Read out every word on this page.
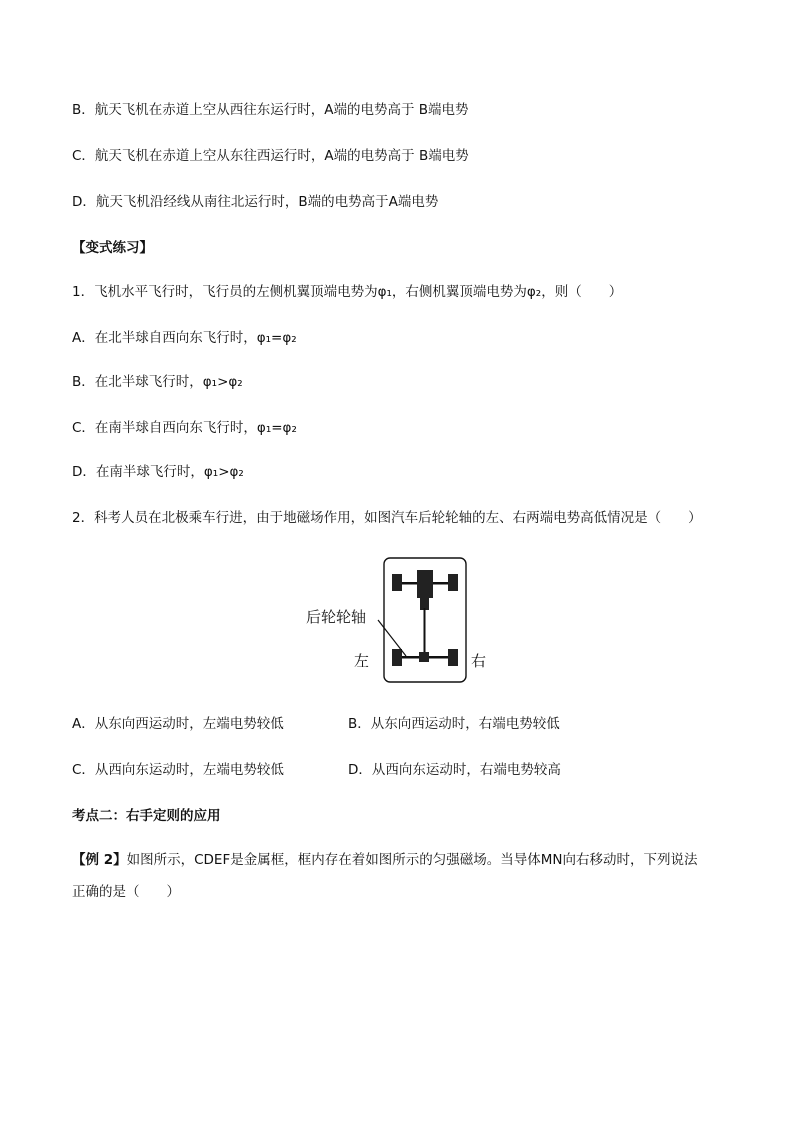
B．航天飞机在赤道上空从西往东运行时，A端的电势高于 B端电势
C．航天飞机在赤道上空从东往西运行时，A端的电势高于 B端电势
D．航天飞机沿经线从南往北运行时，B端的电势高于A端电势
【变式练习】
1．飞机水平飞行时，飞行员的左侧机翼顶端电势为φ₁，右侧机翼顶端电势为φ₂，则（　　）
A．在北半球自西向东飞行时，φ₁=φ₂
B．在北半球飞行时，φ₁>φ₂
C．在南半球自西向东飞行时，φ₁=φ₂
D．在南半球飞行时，φ₁>φ₂
2．科考人员在北极乘车行进，由于地磁场作用，如图汽车后轮轮轴的左、右两端电势高低情况是（　　）
后轮轮轴
左	右
A．从东向西运动时，左端电势较低	B．从东向西运动时，右端电势较低
C．从西向东运动时，左端电势较低	D．从西向东运动时，右端电势较高
考点二：右手定则的应用
【例 2】如图所示，CDEF是金属框，框内存在着如图所示的匀强磁场。当导体MN向右移动时，下列说法
正确的是（　　）
